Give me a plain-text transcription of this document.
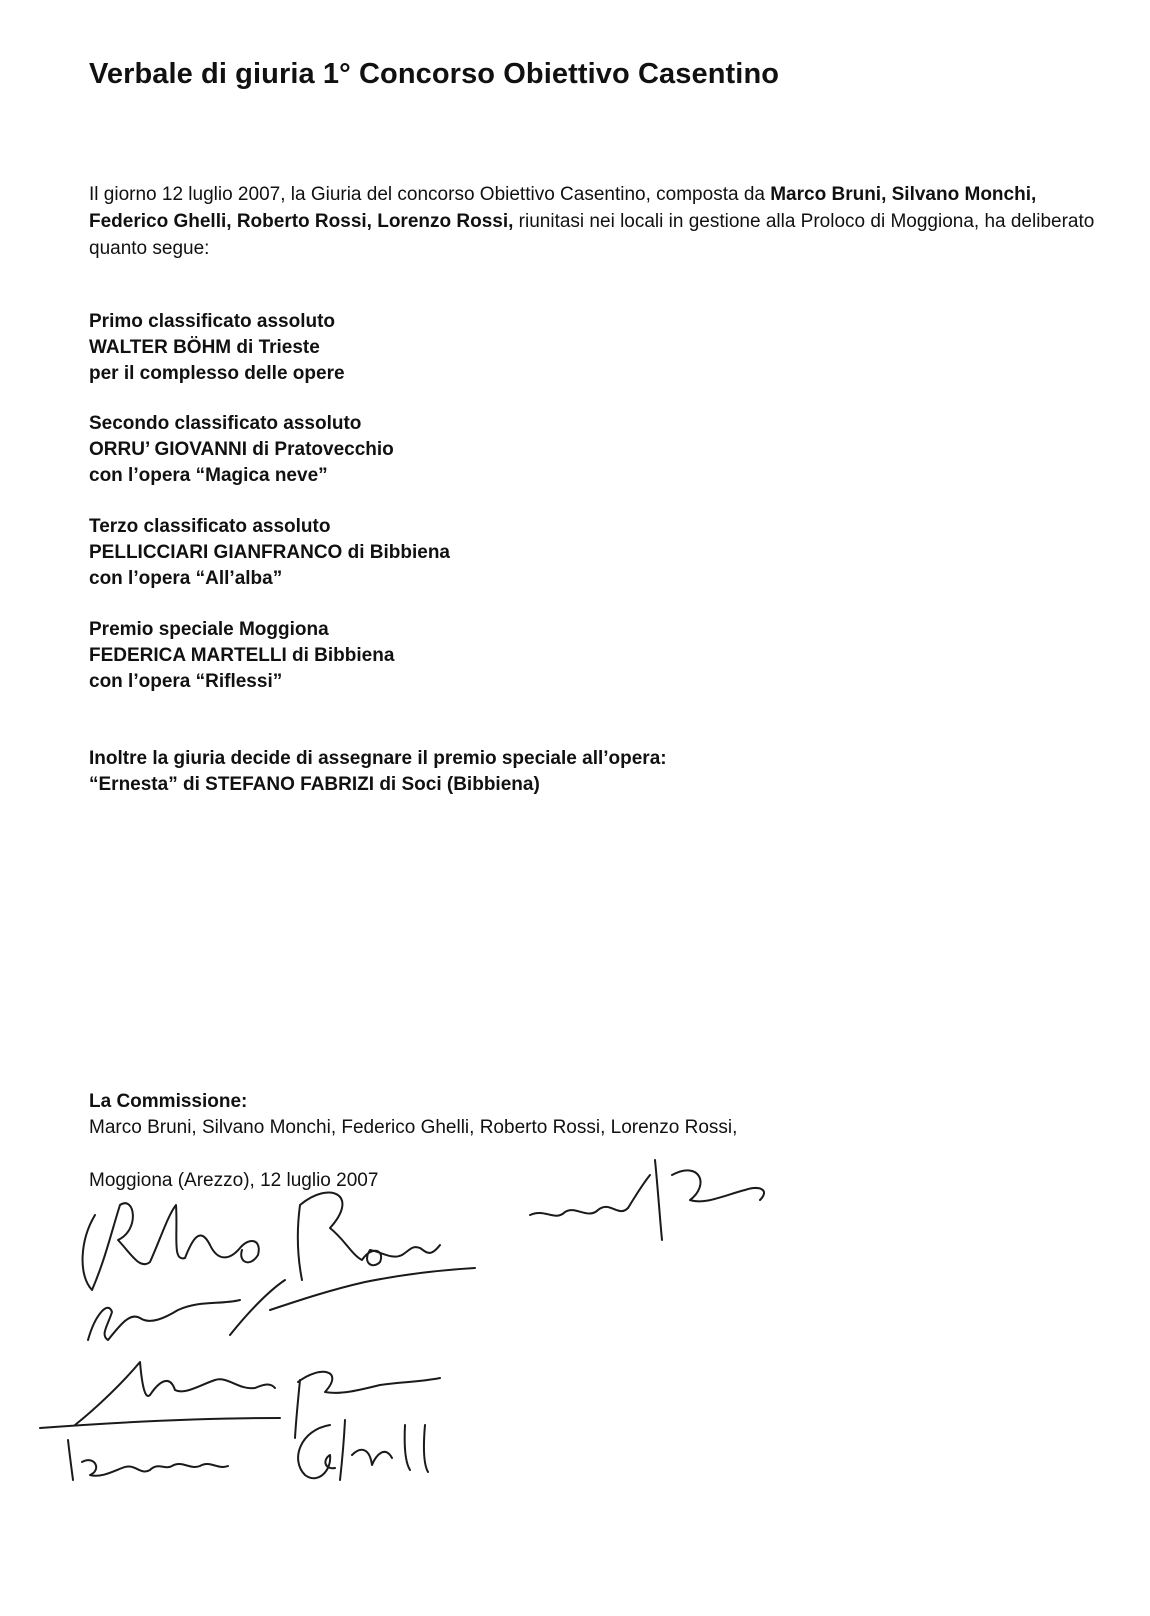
Verbale di giuria 1° Concorso Obiettivo Casentino

Il giorno 12 luglio 2007, la Giuria del concorso Obiettivo Casentino, composta da Marco Bruni, Silvano Monchi, Federico Ghelli, Roberto Rossi, Lorenzo Rossi, riunitasi nei locali in gestione alla Proloco di Moggiona, ha deliberato quanto segue:

Primo classificato assoluto
WALTER BÖHM di Trieste
per il complesso delle opere
Secondo classificato assoluto
ORRU’ GIOVANNI di Pratovecchio
con l’opera “Magica neve”
Terzo classificato assoluto
PELLICCIARI GIANFRANCO di Bibbiena
con l’opera “All’alba”
Premio speciale Moggiona
FEDERICA MARTELLI di Bibbiena
con l’opera “Riflessi”
Inoltre la giuria decide di assegnare il premio speciale all’opera:
“Ernesta” di STEFANO FABRIZI di Soci (Bibbiena)

La Commissione:

Marco Bruni, Silvano Monchi, Federico Ghelli, Roberto Rossi, Lorenzo Rossi,

Moggiona (Arezzo), 12 luglio 2007
